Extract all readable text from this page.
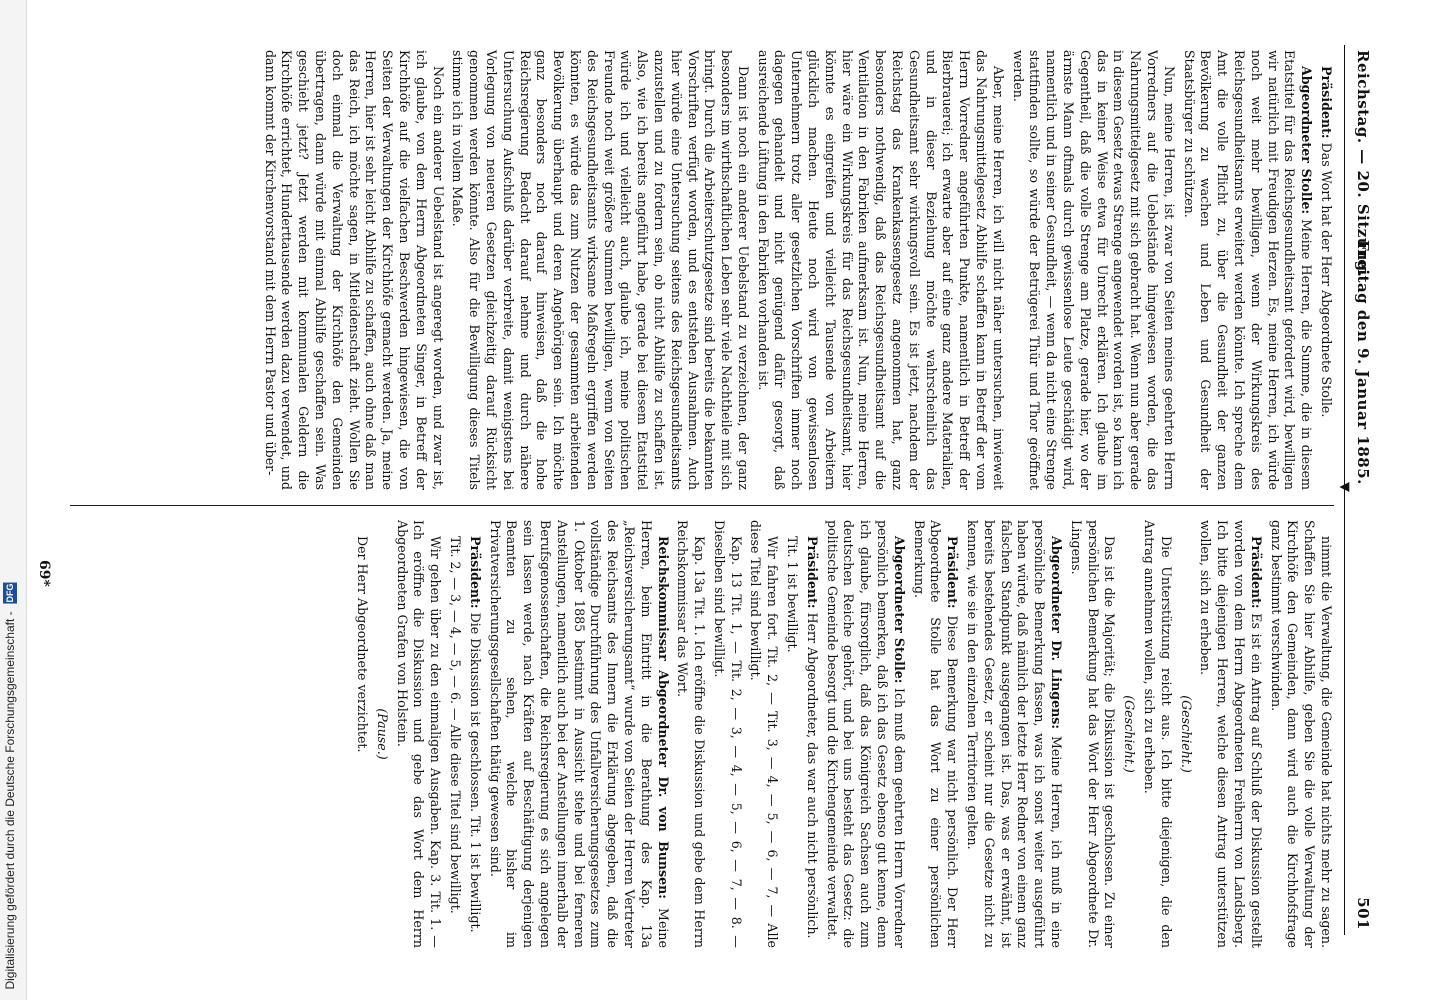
Digitalisierung gefördert durch die Deutsche Forschungsgemeinschaft - DFG
Reichstag. — 20. Sitzung.
Freitag den 9. Januar 1885.
501
▼

Präsident: Das Wort hat der Herr Abgeordnete Stolle.

Abgeordneter Stolle: Meine Herren, die Summe, die in diesem Etatstitel für das Reichsgesundheitsamt gefordert wird, bewilligen wir natürlich mit Freudigen Herzen. Es, meine Herren, ich würde noch weit mehr bewilligen, wenn der Wirkungskreis des Reichsgesundheitsamts erweitert werden könnte. Ich spreche dem Amt die volle Pflicht zu, über die Gesundheit der ganzen Bevölkerung zu wachen und Leben und Gesundheit der Staatsbürger zu schützen.

Nun, meine Herren, ist zwar von Seiten meines geehrten Herrn Vorredners auf die Uebelstände hingewiesen worden, die das Nahrungsmittelgesetz mit sich gebracht hat. Wenn nun aber gerade in diesem Gesetz etwas Strenge angewendet worden ist, so kann ich das in keiner Weise etwa für Unrecht erklären. Ich glaube im Gegentheil, daß die volle Strenge am Platze, gerade hier, wo der ärmste Mann oftmals durch gewissenlose Leute geschädigt wird, namentlich und in seiner Gesundheit, — wenn da nicht eine Strenge stattfinden sollte, so würde der Betrügerei Thür und Thor geöffnet werden.

Aber, meine Herren, ich will nicht näher untersuchen, inwieweit das Nahrungsmittelgesetz Abhilfe schaffen kann in Betreff der vom Herrn Vorredner angeführten Punkte, namentlich in Betreff der Bierbrauerei; ich erwarte aber auf eine ganz andere Materialien, und in dieser Beziehung möchte wahrscheinlich das Gesundheitsamt sehr wirkungsvoll sein. Es ist jetzt, nachdem der Reichstag das Krankenkassengesetz angenommen hat, ganz besonders nothwendig, daß das Reichsgesundheitsamt auf die Ventilation in den Fabriken aufmerksam ist. Nun, meine Herren, hier wäre ein Wirkungskreis für das Reichsgesundheitsamt, hier könnte es eingreifen und vielleicht Tausende von Arbeitern glücklich machen. Heute noch wird von gewissenlosen Unternehmern trotz aller gesetzlichen Vorschriften immer noch dagegen gehandelt und nicht genügend dafür gesorgt, daß ausreichende Lüftung in den Fabriken vorhanden ist.

Dann ist noch ein anderer Uebelstand zu verzeichnen, der ganz besonders im wirthschaftlichen Leben sehr viele Nachtheile mit sich bringt. Durch die Arbeiterschutzgesetze sind bereits die bekannten Vorschriften verfügt worden, und es entstehen Ausnahmen. Auch hier würde eine Untersuchung seitens des Reichsgesundheitsamts anzustellen und zu fordern sein, ob nicht Abhilfe zu schaffen ist. Also, wie ich bereits angeführt habe, gerade bei diesem Etatstitel würde ich und vielleicht auch, glaube ich, meine politischen Freunde noch weit größere Summen bewilligen, wenn von Seiten des Reichsgesundheitsamts wirksame Maßregeln ergriffen werden könnten, es würde das zum Nutzen der gesammten arbeitenden Bevölkerung überhaupt und deren Angehörigen sein. Ich möchte ganz besonders noch darauf hinweisen, daß die hohe Reichsregierung Bedacht darauf nehme und durch nähere Untersuchung Aufschluß darüber verbreite, damit wenigstens bei Vorlegung von neueren Gesetzen gleichzeitig darauf Rücksicht genommen werden könnte. Also für die Bewilligung dieses Titels stimme ich in vollem Maße.

Noch ein anderer Uebelstand ist angeregt worden, und zwar ist, ich glaube, von dem Herrn Abgeordneten Singer, in Betreff der Kirchhöfe auf die vielfachen Beschwerden hingewiesen, die von Seiten der Verwaltungen der Kirchhöfe gemacht werden. Ja, meine Herren, hier ist sehr leicht Abhilfe zu schaffen, auch ohne daß man das Reich, ich möchte sagen, in Mitleidenschaft zieht. Wollen Sie doch einmal die Verwaltung der Kirchhöfe den Gemeinden übertragen, dann würde mit einmal Abhilfe geschaffen sein. Was geschieht jetzt? Jetzt werden mit kommunalen Geldern die Kirchhöfe errichtet, Hunderttausende werden dazu verwendet, und dann kommt der Kirchenvorstand mit dem Herrn Pastor und über-

nimmt die Verwaltung, die Gemeinde hat nichts mehr zu sagen. Schaffen Sie hier Abhilfe, geben Sie die volle Verwaltung der Kirchhöfe den Gemeinden, dann wird auch die Kirchhofsfrage ganz bestimmt verschwinden.

Präsident: Es ist ein Antrag auf Schluß der Diskussion gestellt worden von dem Herrn Abgeordneten Freiherrn von Landsberg. Ich bitte diejenigen Herren, welche diesen Antrag unterstützen wollen, sich zu erheben.

(Geschieht.)

Die Unterstützung reicht aus. Ich bitte diejenigen, die den Antrag annehmen wollen, sich zu erheben.

(Geschieht.)

Das ist die Majorität; die Diskussion ist geschlossen. Zu einer persönlichen Bemerkung hat das Wort der Herr Abgeordnete Dr. Lingens.

Abgeordneter Dr. Lingens: Meine Herren, ich muß in eine persönliche Bemerkung fassen, was ich sonst weiter ausgeführt haben würde, daß nämlich der letzte Herr Redner von einem ganz falschen Standpunkt ausgegangen ist. Das, was er erwähnt, ist bereits bestehendes Gesetz, er scheint nur die Gesetze nicht zu kennen, wie sie in den einzelnen Territorien gelten.

Präsident: Diese Bemerkung war nicht persönlich. Der Herr Abgeordnete Stolle hat das Wort zu einer persönlichen Bemerkung.

Abgeordneter Stolle: Ich muß dem geehrten Herrn Vorredner persönlich bemerken, daß ich das Gesetz ebenso gut kenne, denn ich glaube, fürsorglich, daß das Königreich Sachsen auch zum deutschen Reiche gehört, und bei uns besteht das Gesetz: die politische Gemeinde besorgt und die Kirchengemeinde verwaltet.

Präsident: Herr Abgeordneter, das war auch nicht persönlich.

Tit. 1 ist bewilligt.

Wir fahren fort. Tit. 2, — Tit. 3, — 4, — 5, — 6, — 7, — Alle diese Titel sind bewilligt.

Kap. 13 Tit. 1, — Tit. 2, — 3, — 4, — 5, — 6, — 7, — 8. — Dieselben sind bewilligt.

Kap. 13a Tit. 1. Ich eröffne die Diskussion und gebe dem Herrn Reichskommissar das Wort.

Reichskommissar Abgeordneter Dr. von Bunsen: Meine Herren, beim Eintritt in die Berathung des Kap. 13a „Reichsversicherungsamt“ wurde von Seiten der Herren Vertreter des Reichsamts des Innern die Erklärung abgegeben, daß die vollständige Durchführung des Unfallversicherungsgesetzes zum 1. Oktober 1885 bestimmt in Aussicht stehe und bei ferneren Anstellungen, namentlich auch bei der Anstellungen innerhalb der Berufsgenossenschaften, die Reichsregierung es sich angelegen sein lassen werde, nach Kräften auf Beschäftigung derjenigen Beamten zu sehen, welche bisher im Privatversicherungsgesellschaften thätig gewesen sind.

Präsident: Die Diskussion ist geschlossen. Tit. 1 ist bewilligt.

Tit. 2, — 3, — 4, — 5, — 6. — Alle diese Titel sind bewilligt.

Wir gehen über zu den einmaligen Ausgaben. Kap. 3. Tit. 1. — Ich eröffne die Diskussion und gebe das Wort dem Herrn Abgeordneten Grafen von Holstein.

(Pause.)

Der Herr Abgeordnete verzichtet.

69*
